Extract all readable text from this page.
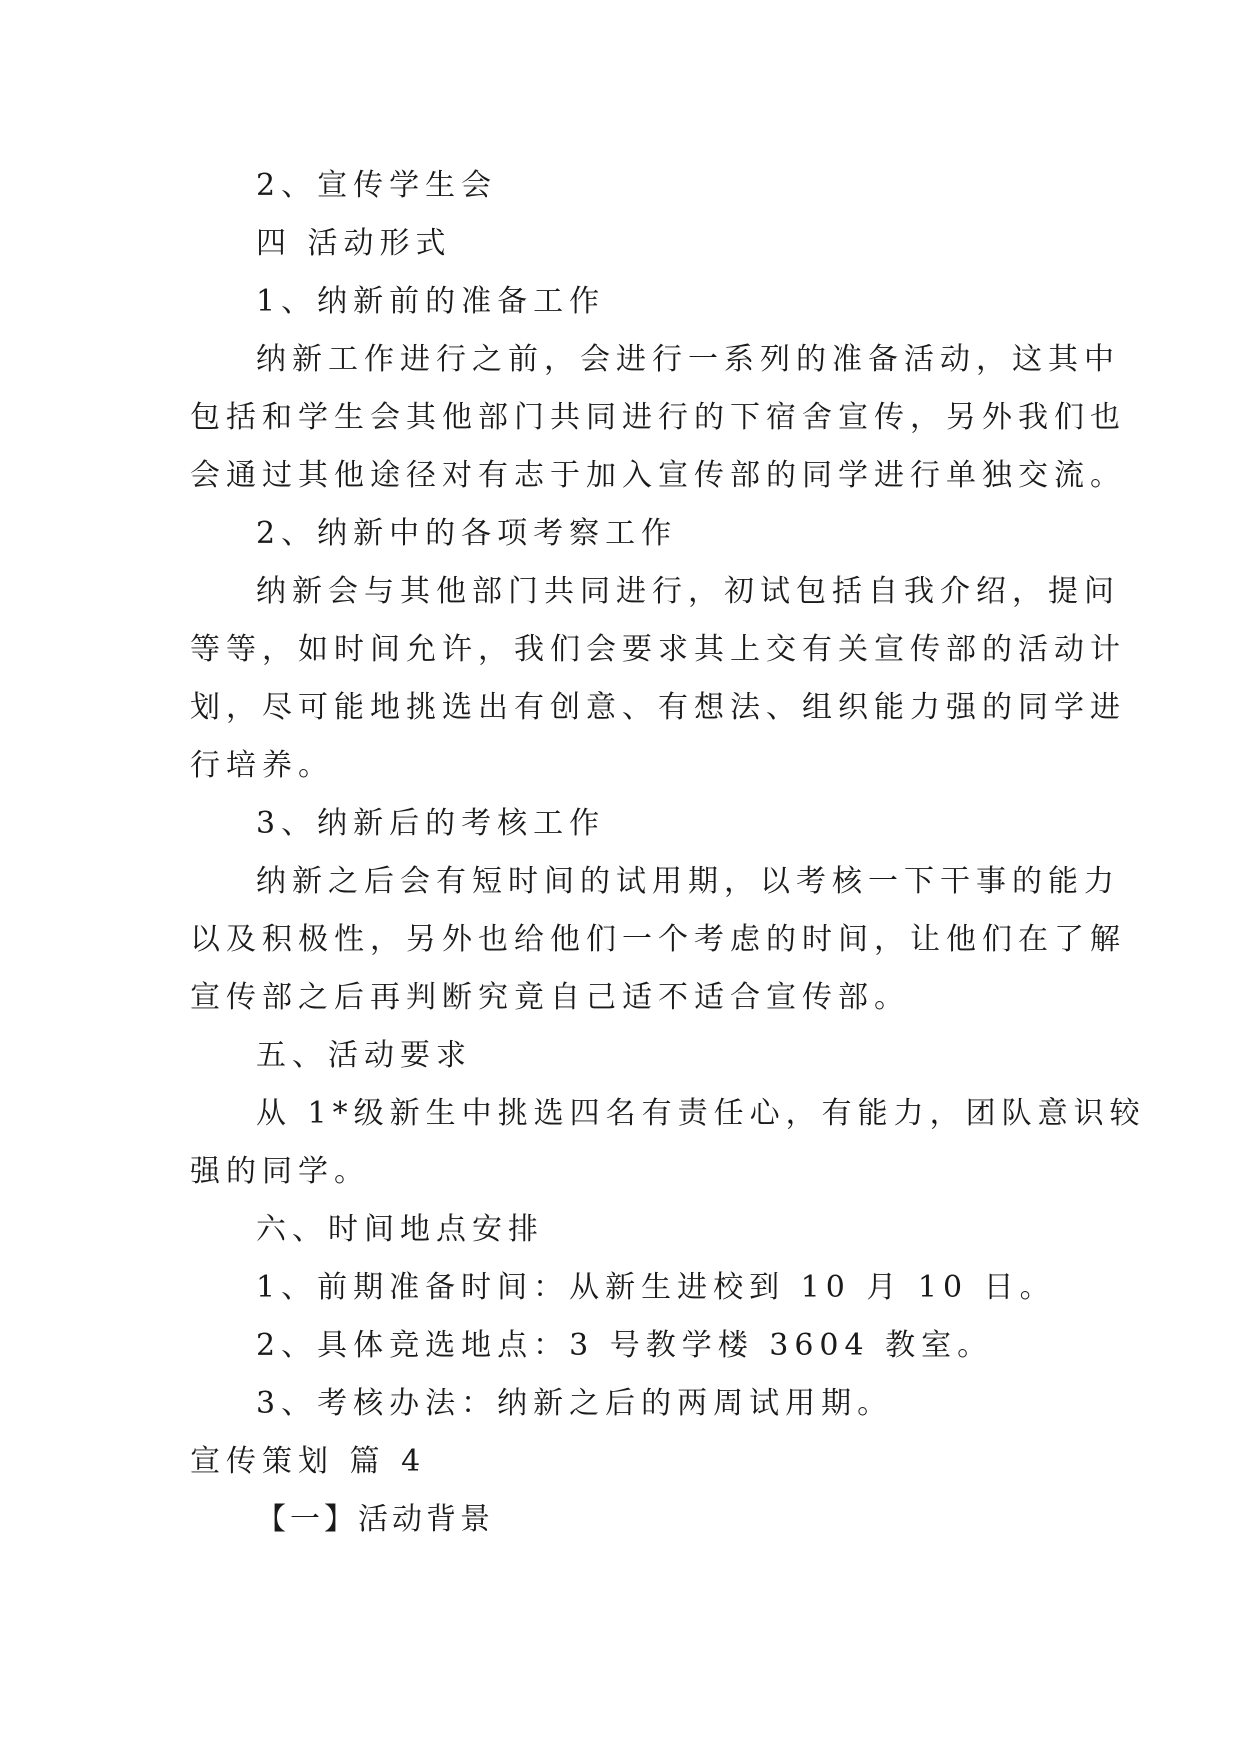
2、宣传学生会
四 活动形式
1、纳新前的准备工作
纳新工作进行之前，会进行一系列的准备活动，这其中
包括和学生会其他部门共同进行的下宿舍宣传，另外我们也
会通过其他途径对有志于加入宣传部的同学进行单独交流。
2、纳新中的各项考察工作
纳新会与其他部门共同进行，初试包括自我介绍，提问
等等，如时间允许，我们会要求其上交有关宣传部的活动计
划，尽可能地挑选出有创意、有想法、组织能力强的同学进
行培养。
3、纳新后的考核工作
纳新之后会有短时间的试用期，以考核一下干事的能力
以及积极性，另外也给他们一个考虑的时间，让他们在了解
宣传部之后再判断究竟自己适不适合宣传部。
五、活动要求
从 1*级新生中挑选四名有责任心，有能力，团队意识较
强的同学。
六、时间地点安排
1、前期准备时间：从新生进校到 10 月 10 日。
2、具体竞选地点：3 号教学楼 3604 教室。
3、考核办法：纳新之后的两周试用期。
宣传策划 篇 4
【一】活动背景
